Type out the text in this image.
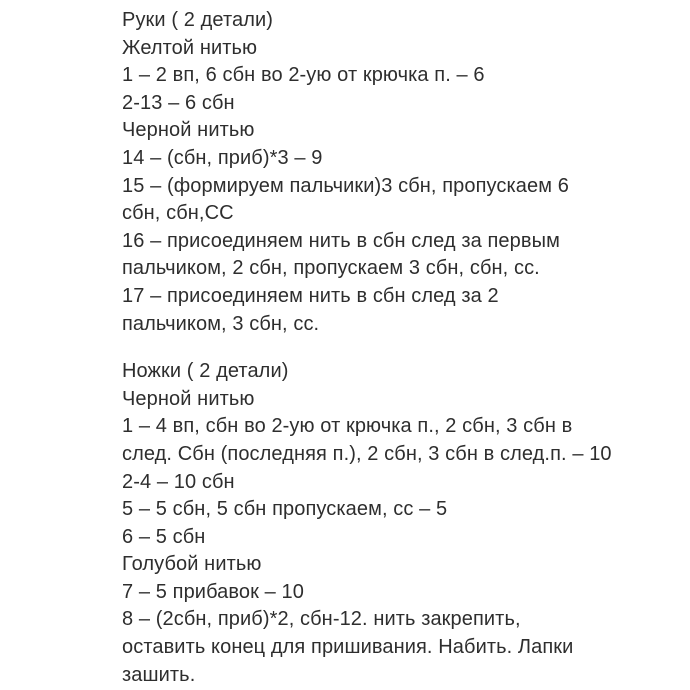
Руки ( 2 детали)
Желтой нитью
1 – 2 вп, 6 сбн во 2-ую от крючка п. – 6
2-13 – 6 сбн
Черной нитью
14 – (сбн, приб)*3 – 9
15 – (формируем пальчики)3 сбн, пропускаем 6
сбн, сбн,СС
16 – присоединяем нить в сбн след за первым
пальчиком, 2 сбн, пропускаем 3 сбн, сбн, сс.
17 – присоединяем нить в сбн след за 2
пальчиком, 3 сбн, сс.
Ножки ( 2 детали)
Черной нитью
1 – 4 вп, сбн во 2-ую от крючка п., 2 сбн, 3 сбн в
след. Сбн (последняя п.), 2 сбн, 3 сбн в след.п. – 10
2-4 – 10 сбн
5 – 5 сбн, 5 сбн пропускаем, сс – 5
6 – 5 сбн
Голубой нитью
7 – 5 прибавок – 10
8 – (2сбн, приб)*2, сбн-12. нить закрепить,
оставить конец для пришивания. Набить. Лапки
зашить.
